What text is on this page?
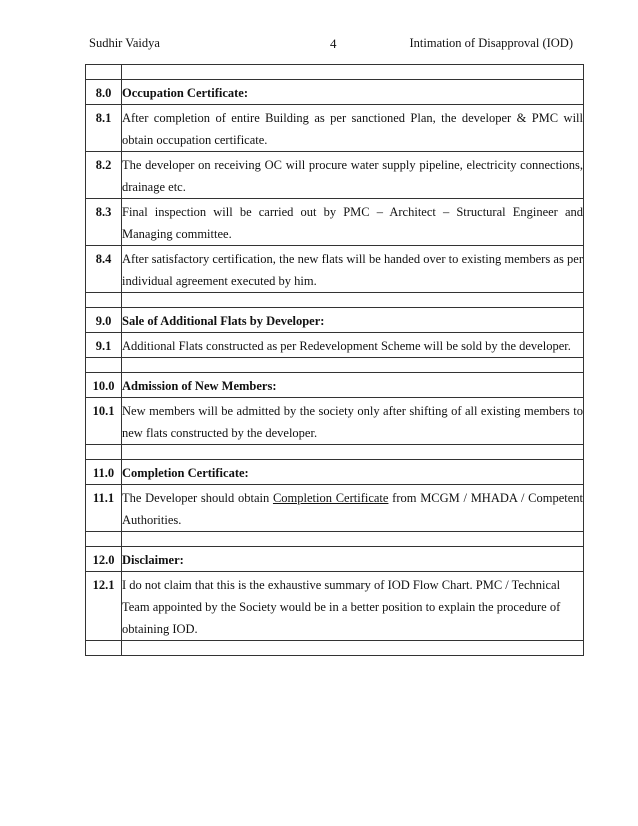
Sudhir Vaidya	4	Intimation of Disapproval (IOD)

8.0	Occupation Certificate:
8.1	After completion of entire Building as per sanctioned Plan, the developer & PMC will obtain occupation certificate.
8.2	The developer on receiving OC will procure water supply pipeline, electricity connections, drainage etc.
8.3	Final inspection will be carried out by PMC – Architect – Structural Engineer and Managing committee.
8.4	After satisfactory certification, the new flats will be handed over to existing members as per individual agreement executed by him.

9.0	Sale of Additional Flats by Developer:
9.1	Additional Flats constructed as per Redevelopment Scheme will be sold by the developer.

10.0	Admission of New Members:
10.1	New members will be admitted by the society only after shifting of all existing members to new flats constructed by the developer.

11.0	Completion Certificate:
11.1	The Developer should obtain Completion Certificate from MCGM / MHADA / Competent Authorities.

12.0	Disclaimer:
12.1	I do not claim that this is the exhaustive summary of IOD Flow Chart. PMC / Technical Team appointed by the Society would be in a better position to explain the procedure of obtaining IOD.
